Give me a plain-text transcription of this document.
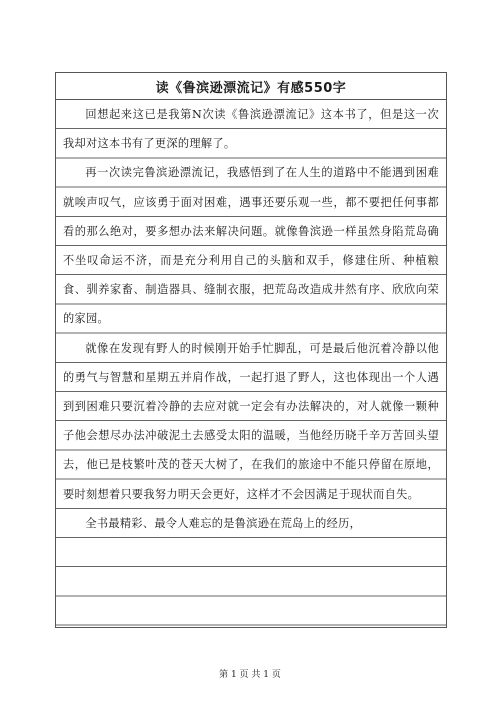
读《鲁滨逊漂流记》有感550字

回想起来这已是我第N次读《鲁滨逊漂流记》这本书了，但是这一次我却对这本书有了更深的理解了。

再一次读完鲁滨逊漂流记，我感悟到了在人生的道路中不能遇到困难就唉声叹气，应该勇于面对困难，遇事还要乐观一些，都不要把任何事都看的那么绝对，要多想办法来解决问题。就像鲁滨逊一样虽然身陷荒岛确不坐叹命运不济，而是充分利用自己的头脑和双手，修建住所、种植粮食、驯养家畜、制造器具、缝制衣服，把荒岛改造成井然有序、欣欣向荣的家园。

就像在发现有野人的时候刚开始手忙脚乱，可是最后他沉着冷静以他的勇气与智慧和星期五并肩作战，一起打退了野人，这也体现出一个人遇到到困难只要沉着冷静的去应对就一定会有办法解决的，对人就像一颗种子他会想尽办法冲破泥土去感受太阳的温暖，当他经历晓千辛万苦回头望去，他已是枝繁叶茂的苍天大树了，在我们的旅途中不能只停留在原地，要时刻想着只要我努力明天会更好，这样才不会因满足于现状而自失。

全书最精彩、最令人难忘的是鲁滨逊在荒岛上的经历，

第 1 页 共 1 页
